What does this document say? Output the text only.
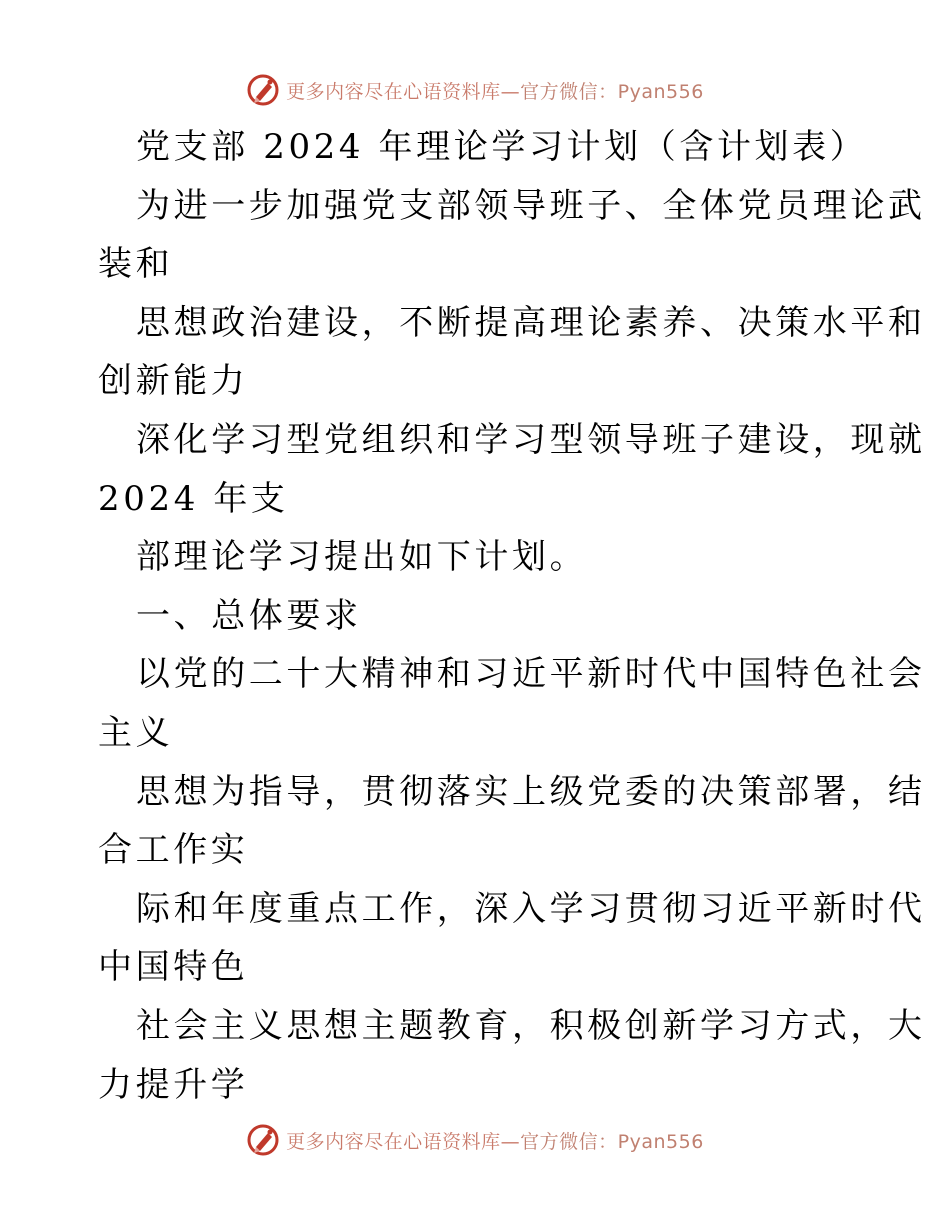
更多内容尽在心语资料库—官方微信：Pyan556
党支部 2024 年理论学习计划（含计划表）
为进一步加强党支部领导班子、全体党员理论武
装和
思想政治建设，不断提高理论素养、决策水平和
创新能力
深化学习型党组织和学习型领导班子建设，现就
2024 年支
部理论学习提出如下计划。
一、总体要求
以党的二十大精神和习近平新时代中国特色社会
主义
思想为指导，贯彻落实上级党委的决策部署，结
合工作实
际和年度重点工作，深入学习贯彻习近平新时代
中国特色
社会主义思想主题教育，积极创新学习方式，大
力提升学
更多内容尽在心语资料库—官方微信：Pyan556
